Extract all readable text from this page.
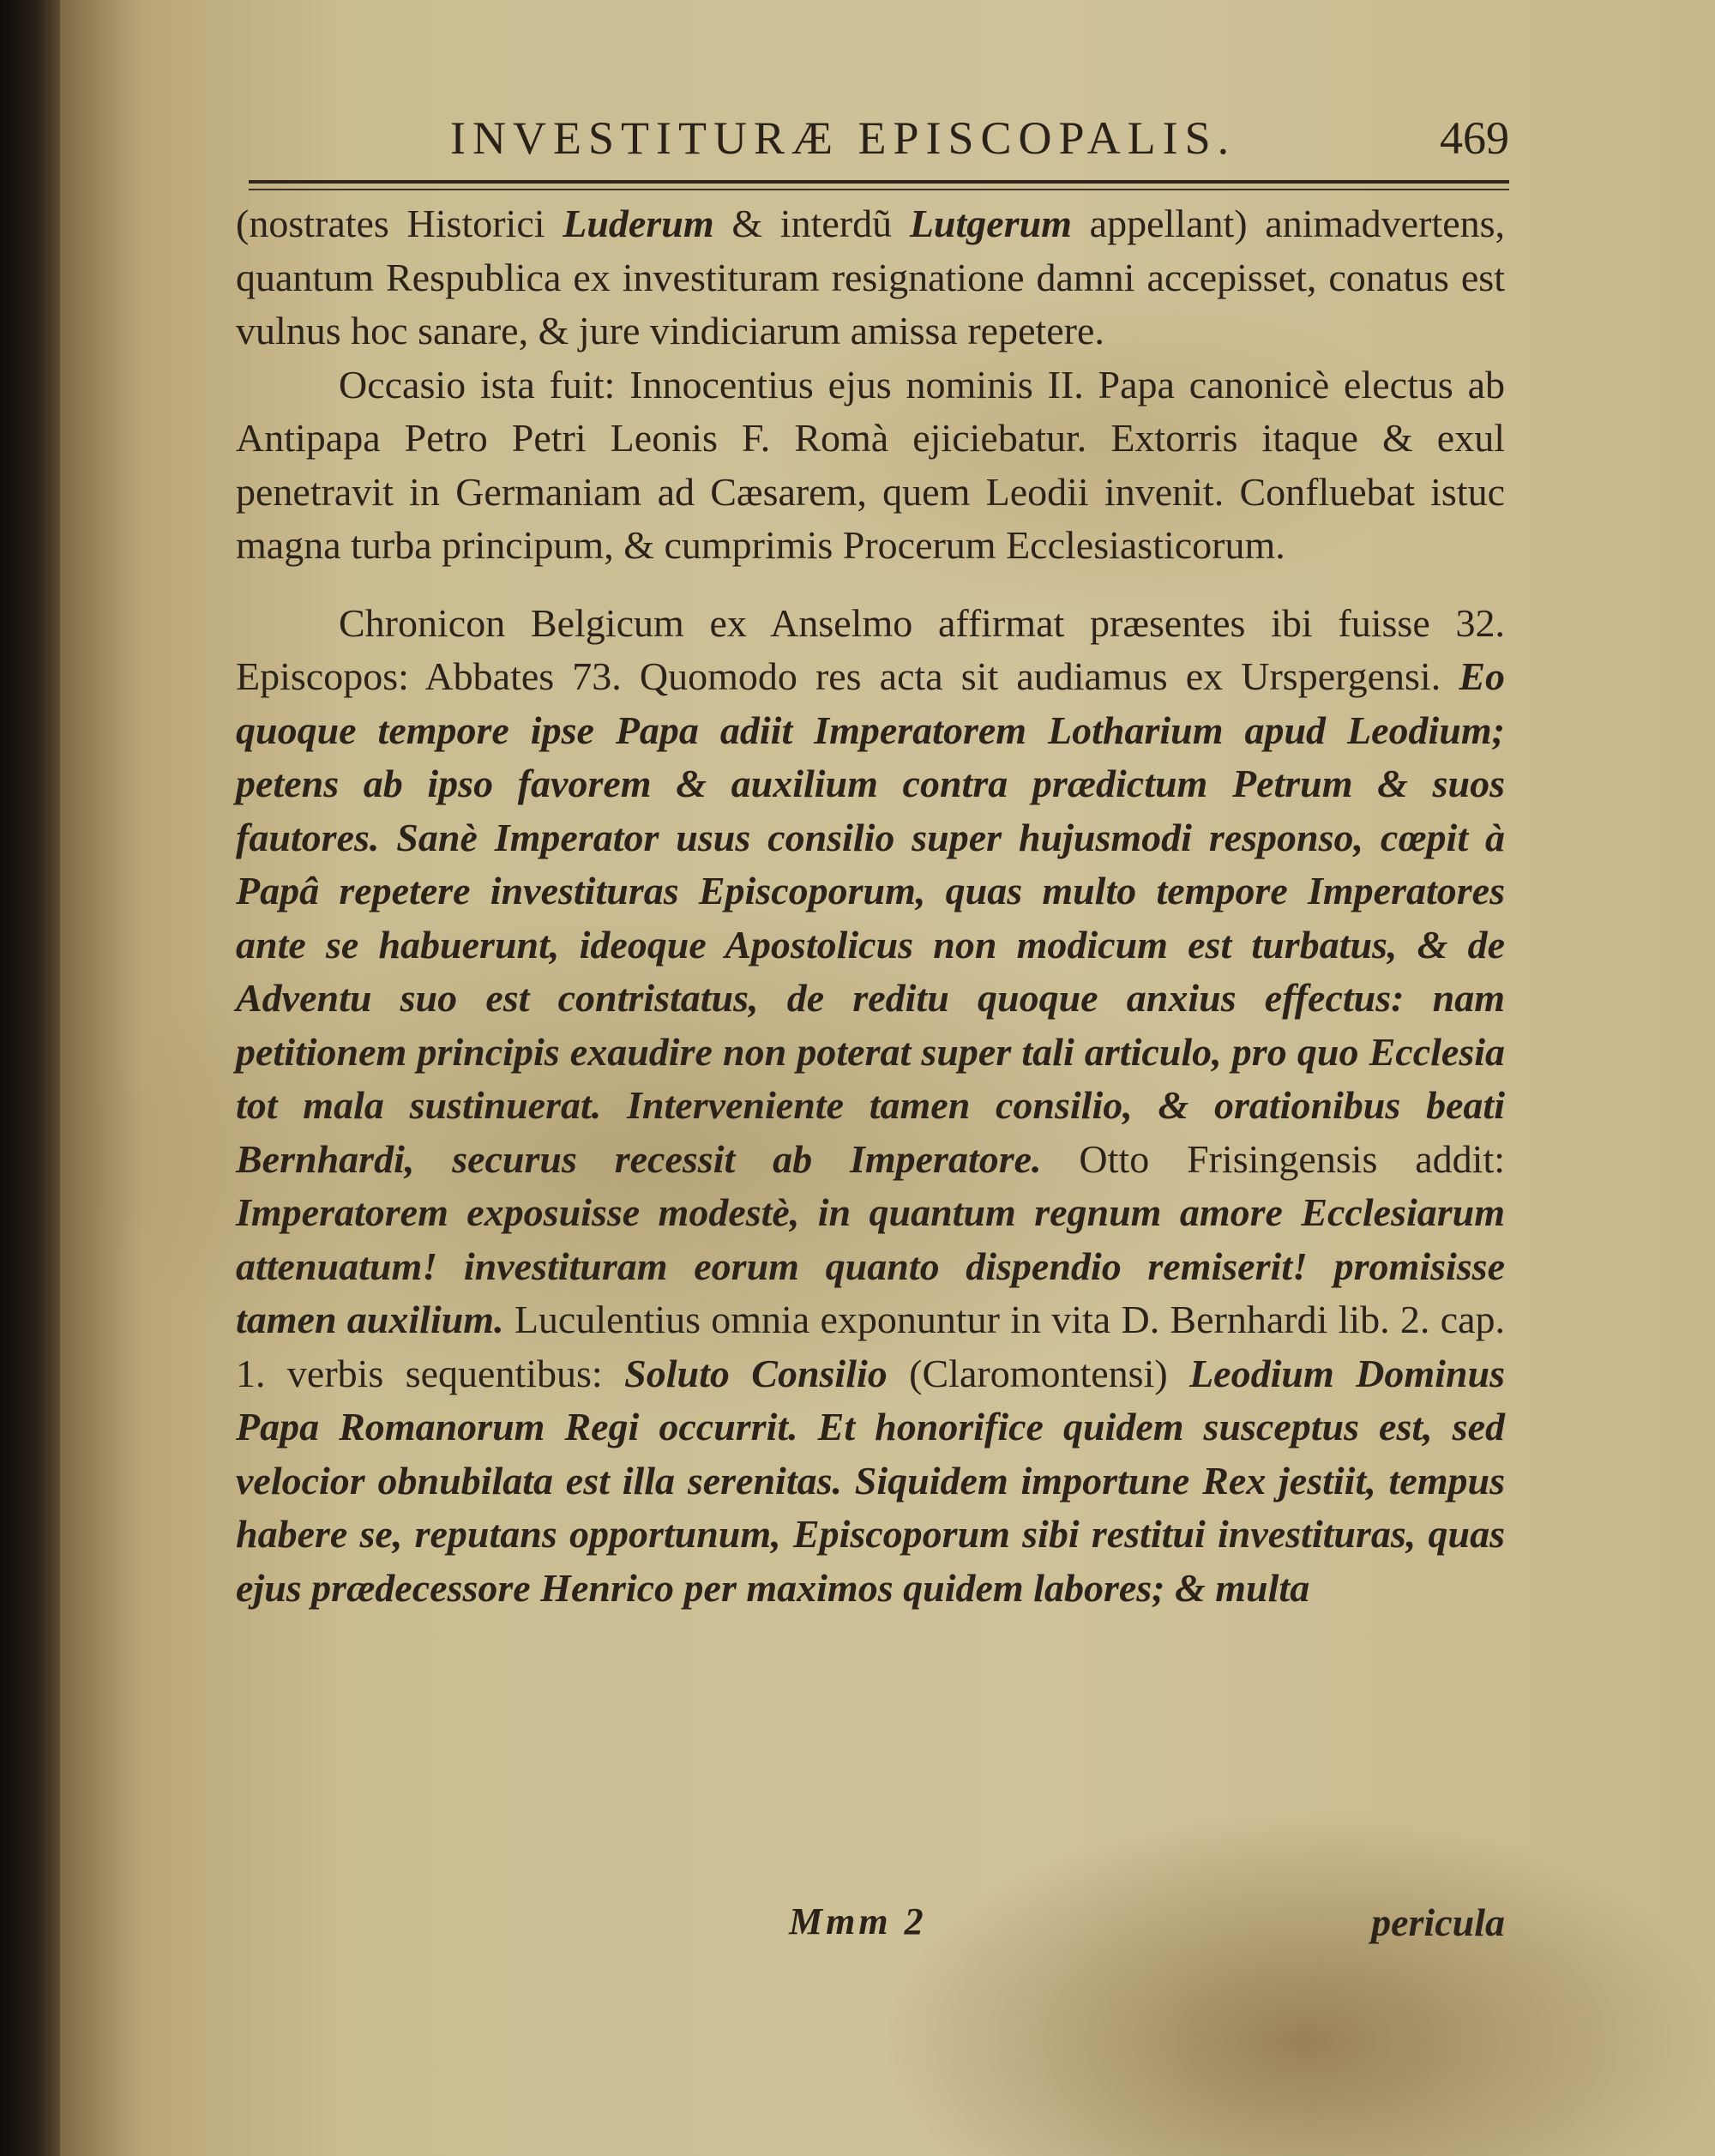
INVESTITURÆ EPISCOPALIS.	469

(nostrates Historici Luderum & interdũ Lutgerum appellant) animadvertens, quantum Respublica ex investituram resignatione damni accepisset, conatus est vulnus hoc sanare, & jure vindiciarum amissa repetere.

Occasio ista fuit: Innocentius ejus nominis II. Papa canonicè electus ab Antipapa Petro Petri Leonis F. Romà ejiciebatur. Extorris itaque & exul penetravit in Germaniam ad Cæsarem, quem Leodii invenit. Confluebat istuc magna turba principum, & cumprimis Procerum Ecclesiasticorum.

Chronicon Belgicum ex Anselmo affirmat præsentes ibi fuisse 32. Episcopos: Abbates 73. Quomodo res acta sit audiamus ex Urspergensi. Eo quoque tempore ipse Papa adiit Imperatorem Lotharium apud Leodium; petens ab ipso favorem & auxilium contra prædictum Petrum & suos fautores. Sanè Imperator usus consilio super hujusmodi responso, cœpit à Papâ repetere investituras Episcoporum, quas multo tempore Imperatores ante se habuerunt, ideoque Apostolicus non modicum est turbatus, & de Adventu suo est contristatus, de reditu quoque anxius effectus: nam petitionem principis exaudire non poterat super tali articulo, pro quo Ecclesia tot mala sustinuerat. Interveniente tamen consilio, & orationibus beati Bernhardi, securus recessit ab Imperatore. Otto Frisingensis addit: Imperatorem exposuisse modestè, in quantum regnum amore Ecclesiarum attenuatum! investituram eorum quanto dispendio remiserit! promisisse tamen auxilium. Luculentius omnia exponuntur in vita D. Bernhardi lib. 2. cap. 1. verbis sequentibus: Soluto Consilio (Claromontensi) Leodium Dominus Papa Romanorum Regi occurrit. Et honorifice quidem susceptus est, sed velocior obnubilata est illa serenitas. Siquidem importune Rex jestiit, tempus habere se, reputans opportunum, Episcoporum sibi restitui investituras, quas ejus prædecessore Henrico per maximos quidem labores; & multa

Mmm 2	pericula
